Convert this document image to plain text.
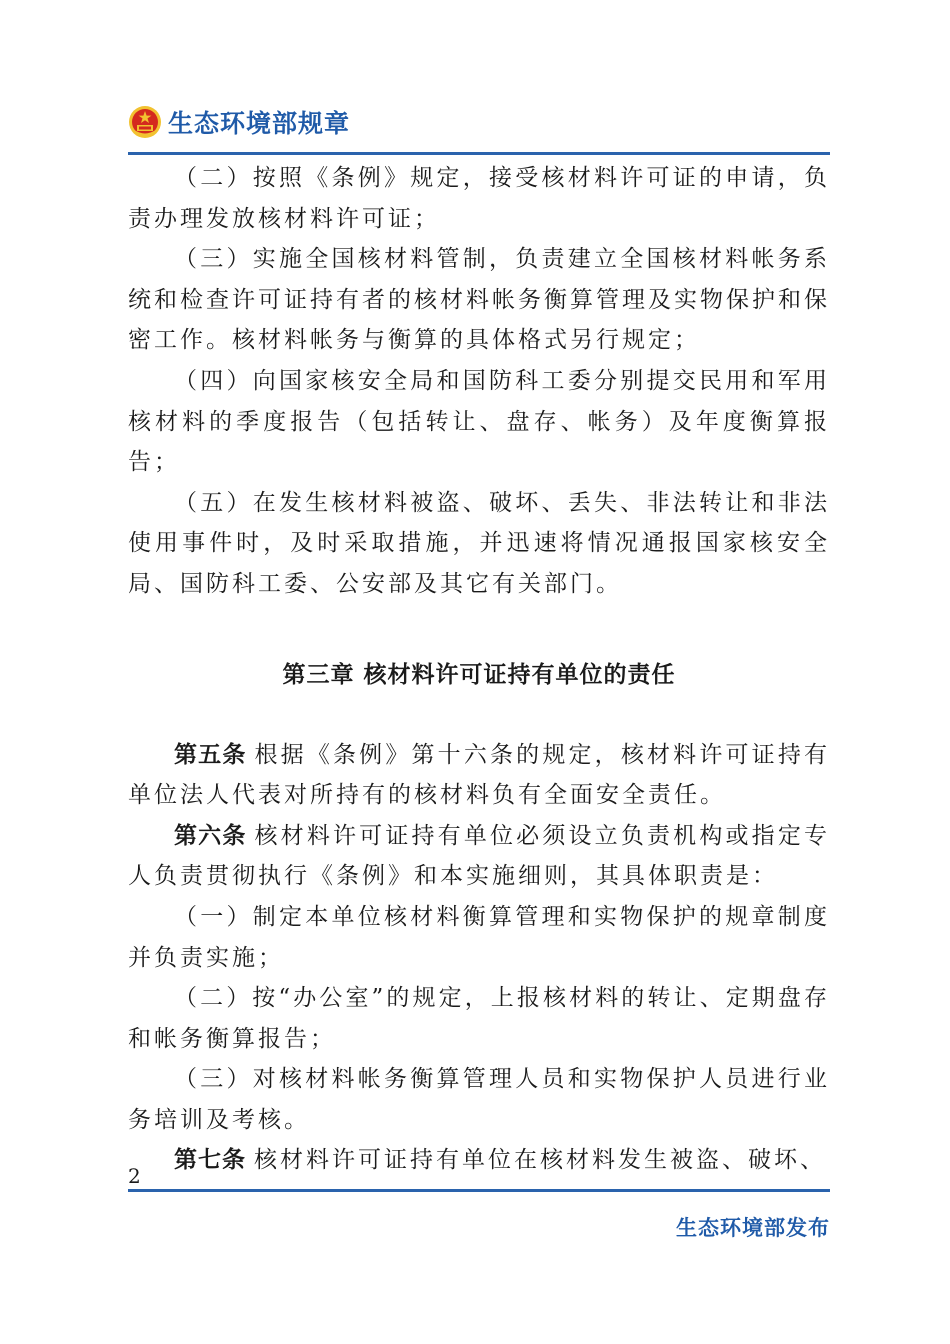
生态环境部规章

（二）按照《条例》规定，接受核材料许可证的申请，负责办理发放核材料许可证；

（三）实施全国核材料管制，负责建立全国核材料帐务系统和检查许可证持有者的核材料帐务衡算管理及实物保护和保密工作。核材料帐务与衡算的具体格式另行规定；

（四）向国家核安全局和国防科工委分别提交民用和军用核材料的季度报告（包括转让、盘存、帐务）及年度衡算报告；

（五）在发生核材料被盗、破坏、丢失、非法转让和非法使用事件时，及时采取措施，并迅速将情况通报国家核安全局、国防科工委、公安部及其它有关部门。

第三章 核材料许可证持有单位的责任

第五条 根据《条例》第十六条的规定，核材料许可证持有单位法人代表对所持有的核材料负有全面安全责任。

第六条 核材料许可证持有单位必须设立负责机构或指定专人负责贯彻执行《条例》和本实施细则，其具体职责是：

（一）制定本单位核材料衡算管理和实物保护的规章制度并负责实施；

（二）按“办公室”的规定，上报核材料的转让、定期盘存和帐务衡算报告；

（三）对核材料帐务衡算管理人员和实物保护人员进行业务培训及考核。

第七条 核材料许可证持有单位在核材料发生被盗、破坏、

2
生态环境部发布
